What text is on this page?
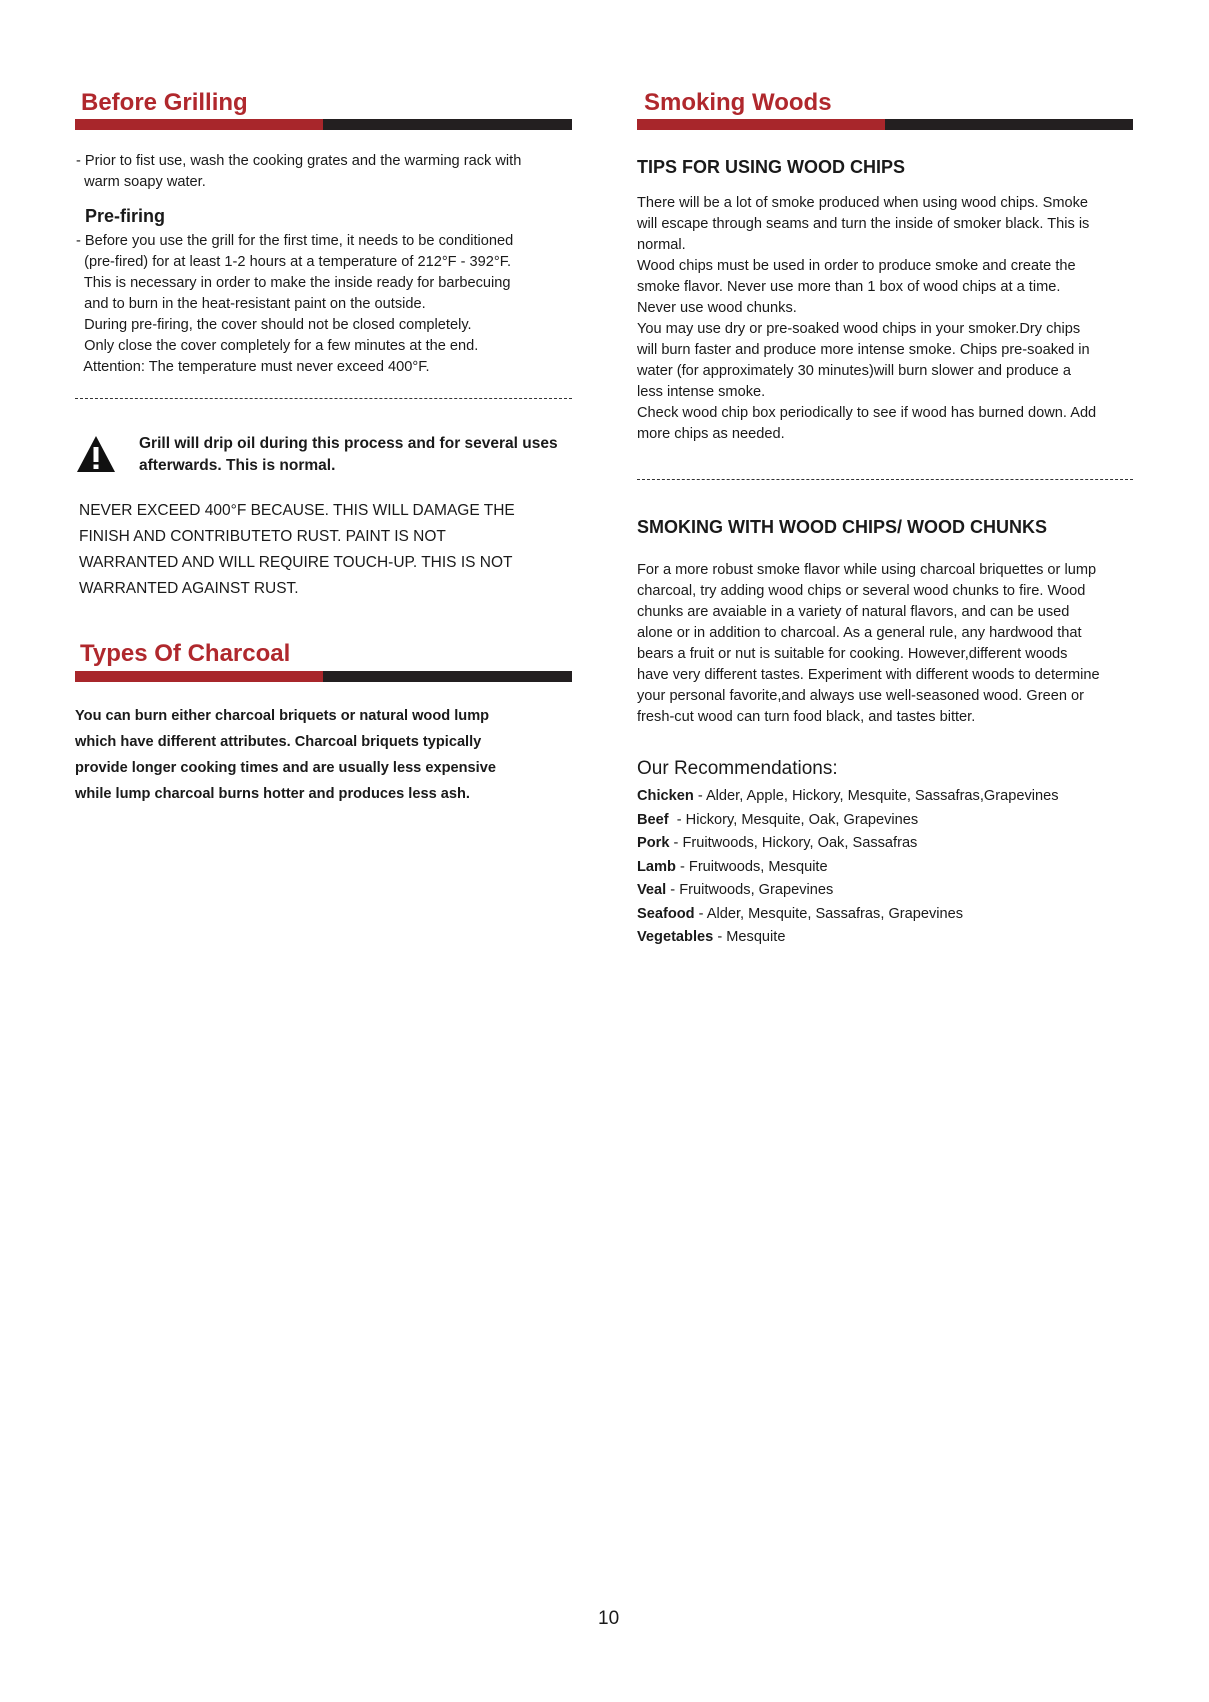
Before Grilling
- Prior to fist use, wash the cooking grates and the warming rack with
warm soapy water.
Pre-firing
- Before you use the grill for the first time, it needs to be conditioned
(pre-fired) for at least 1-2 hours at a temperature of 212°F - 392°F.
This is necessary in order to make the inside ready for barbecuing
and to burn in the heat-resistant paint on the outside.
During pre-firing, the cover should not be closed completely.
Only close the cover completely for a few minutes at the end.
Attention: The temperature must never exceed 400°F.
Grill will drip oil during this process and for several uses
afterwards. This is normal.
NEVER EXCEED 400°F BECAUSE. THIS WILL DAMAGE THE
FINISH AND CONTRIBUTETO RUST. PAINT IS NOT
WARRANTED AND WILL REQUIRE TOUCH-UP. THIS IS NOT
WARRANTED AGAINST RUST.
Types Of Charcoal
You can burn either charcoal briquets or natural wood lump
which have different attributes. Charcoal briquets typically
provide longer cooking times and are usually less expensive
while lump charcoal burns hotter and produces less ash.
Smoking Woods
TIPS FOR USING WOOD CHIPS
There will be a lot of smoke produced when using wood chips. Smoke
will escape through seams and turn the inside of smoker black. This is
normal.
Wood chips must be used in order to produce smoke and create the
smoke flavor. Never use more than 1 box of wood chips at a time.
Never use wood chunks.
You may use dry or pre-soaked wood chips in your smoker.Dry chips
will burn faster and produce more intense smoke. Chips pre-soaked in
water (for approximately 30 minutes)will burn slower and produce a
less intense smoke.
Check wood chip box periodically to see if wood has burned down. Add
more chips as needed.
SMOKING WITH WOOD CHIPS/ WOOD CHUNKS
For a more robust smoke flavor while using charcoal briquettes or lump
charcoal, try adding wood chips or several wood chunks to fire. Wood
chunks are avaiable in a variety of natural flavors, and can be used
alone or in addition to charcoal. As a general rule, any hardwood that
bears a fruit or nut is suitable for cooking. However,different woods
have very different tastes. Experiment with different woods to determine
your personal favorite,and always use well-seasoned wood. Green or
fresh-cut wood can turn food black, and tastes bitter.
Our Recommendations:
Chicken - Alder, Apple, Hickory, Mesquite, Sassafras,Grapevines
Beef  - Hickory, Mesquite, Oak, Grapevines
Pork - Fruitwoods, Hickory, Oak, Sassafras
Lamb - Fruitwoods, Mesquite
Veal - Fruitwoods, Grapevines
Seafood - Alder, Mesquite, Sassafras, Grapevines
Vegetables - Mesquite
10
